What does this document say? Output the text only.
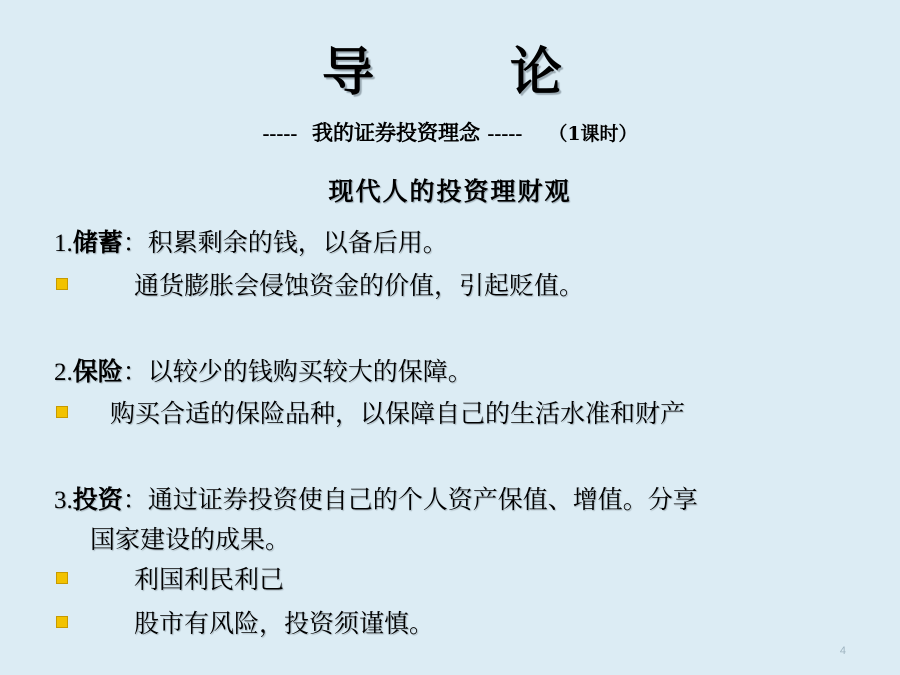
导	论
----- 我的证券投资理念 ----- （1课时）
现代人的投资理财观
1.储蓄：积累剩余的钱，以备后用。
通货膨胀会侵蚀资金的价值，引起贬值。
2.保险：以较少的钱购买较大的保障。
购买合适的保险品种，以保障自己的生活水准和财产
3.投资：通过证券投资使自己的个人资产保值、增值。分享
国家建设的成果。
利国利民利己
股市有风险，投资须谨慎。
4
